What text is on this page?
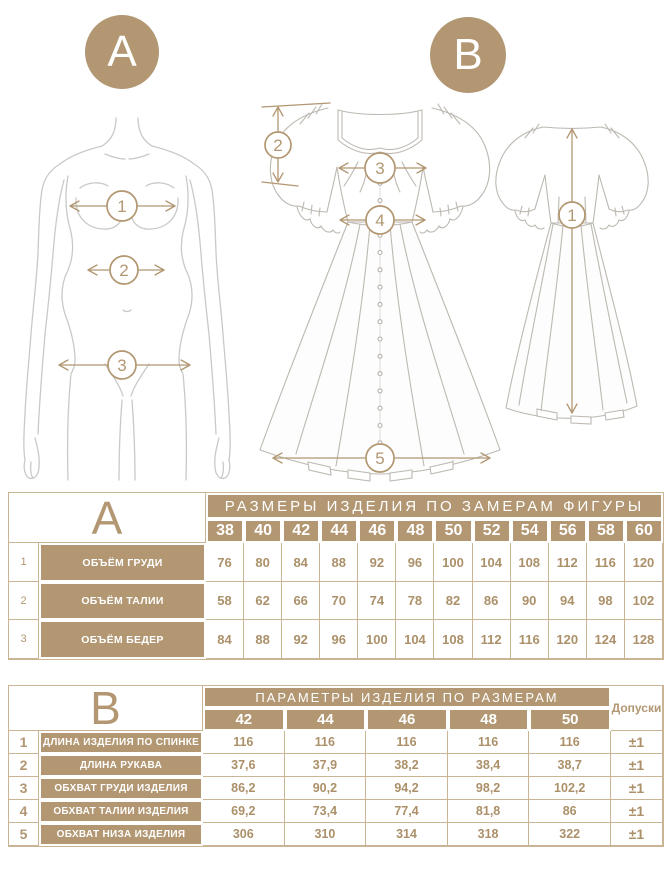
A	B
1
2
3
2
3
4
5
1
A	РАЗМЕРЫ ИЗДЕЛИЯ ПО ЗАМЕРАМ ФИГУРЫ
38	40	42	44	46	48	50	52	54	56	58	60
1	ОБЪЁМ ГРУДИ	76	80	84	88	92	96	100	104	108	112	116	120
2	ОБЪЁМ ТАЛИИ	58	62	66	70	74	78	82	86	90	94	98	102
3	ОБЪЁМ БЕДЕР	84	88	92	96	100	104	108	112	116	120	124	128
B	ПАРАМЕТРЫ ИЗДЕЛИЯ ПО РАЗМЕРАМ
42	44	46	48	50
Допуски
1	ДЛИНА ИЗДЕЛИЯ ПО СПИНКЕ	116	116	116	116	116	±1
2	ДЛИНА РУКАВА	37,6	37,9	38,2	38,4	38,7	±1
3	ОБХВАТ ГРУДИ ИЗДЕЛИЯ	86,2	90,2	94,2	98,2	102,2	±1
4	ОБХВАТ ТАЛИИ ИЗДЕЛИЯ	69,2	73,4	77,4	81,8	86	±1
5	ОБХВАТ НИЗА ИЗДЕЛИЯ	306	310	314	318	322	±1
